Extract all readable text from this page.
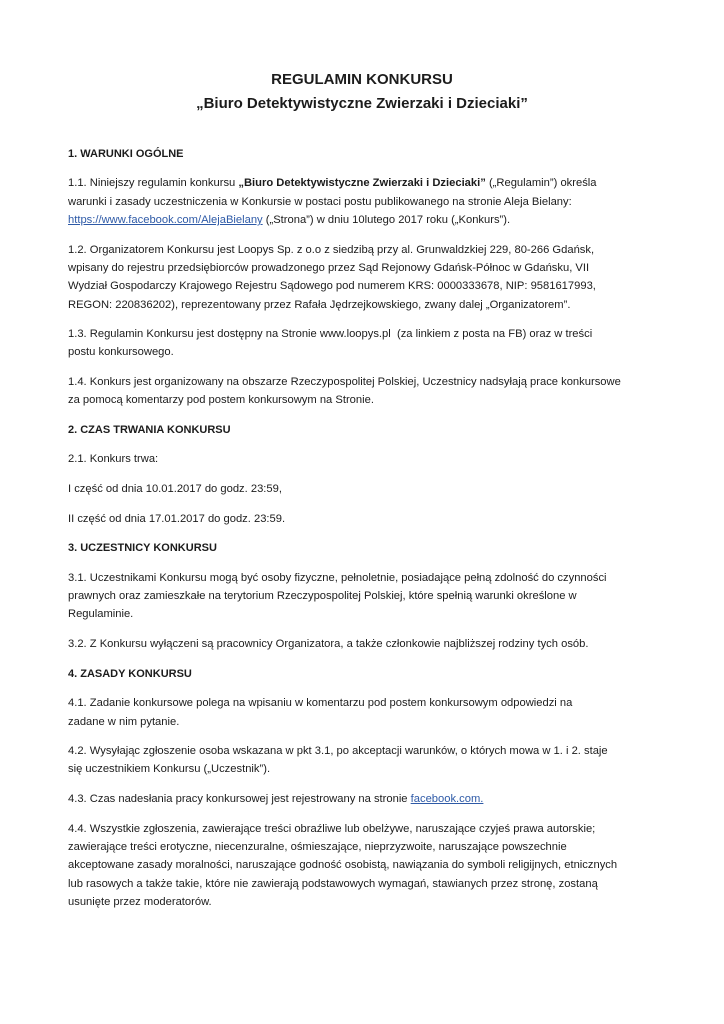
REGULAMIN KONKURSU
„Biuro Detektywistyczne Zwierzaki i Dzieciaki”
1. WARUNKI OGÓLNE
1.1. Niniejszy regulamin konkursu „Biuro Detektywistyczne Zwierzaki i Dzieciaki” („Regulamin”) określa
warunki i zasady uczestniczenia w Konkursie w postaci postu publikowanego na stronie Aleja Bielany:
https://www.facebook.com/AlejaBielany („Strona”) w dniu 10lutego 2017 roku („Konkurs”).
1.2. Organizatorem Konkursu jest Loopys Sp. z o.o z siedzibą przy al. Grunwaldzkiej 229, 80-266 Gdańsk,
wpisany do rejestru przedsiębiorców prowadzonego przez Sąd Rejonowy Gdańsk-Północ w Gdańsku, VII
Wydział Gospodarczy Krajowego Rejestru Sądowego pod numerem KRS: 0000333678, NIP: 9581617993,
REGON: 220836202), reprezentowany przez Rafała Jędrzejkowskiego, zwany dalej „Organizatorem”.
1.3. Regulamin Konkursu jest dostępny na Stronie www.loopys.pl  (za linkiem z posta na FB) oraz w treści
postu konkursowego.
1.4. Konkurs jest organizowany na obszarze Rzeczypospolitej Polskiej, Uczestnicy nadsyłają prace konkursowe
za pomocą komentarzy pod postem konkursowym na Stronie.
2. CZAS TRWANIA KONKURSU
2.1. Konkurs trwa:
I część od dnia 10.01.2017 do godz. 23:59,
II część od dnia 17.01.2017 do godz. 23:59.
3. UCZESTNICY KONKURSU
3.1. Uczestnikami Konkursu mogą być osoby fizyczne, pełnoletnie, posiadające pełną zdolność do czynności
prawnych oraz zamieszkałe na terytorium Rzeczypospolitej Polskiej, które spełnią warunki określone w
Regulaminie.
3.2. Z Konkursu wyłączeni są pracownicy Organizatora, a także członkowie najbliższej rodziny tych osób.
4. ZASADY KONKURSU
4.1. Zadanie konkursowe polega na wpisaniu w komentarzu pod postem konkursowym odpowiedzi na
zadane w nim pytanie.
4.2. Wysyłając zgłoszenie osoba wskazana w pkt 3.1, po akceptacji warunków, o których mowa w 1. i 2. staje
się uczestnikiem Konkursu („Uczestnik”).
4.3. Czas nadesłania pracy konkursowej jest rejestrowany na stronie facebook.com.
4.4. Wszystkie zgłoszenia, zawierające treści obraźliwe lub obelżywe, naruszające czyjeś prawa autorskie;
zawierające treści erotyczne, niecenzuralne, ośmieszające, nieprzyzwoite, naruszające powszechnie
akceptowane zasady moralności, naruszające godność osobistą, nawiązania do symboli religijnych, etnicznych
lub rasowych a także takie, które nie zawierają podstawowych wymagań, stawianych przez stronę, zostaną
usunięte przez moderatorów.
